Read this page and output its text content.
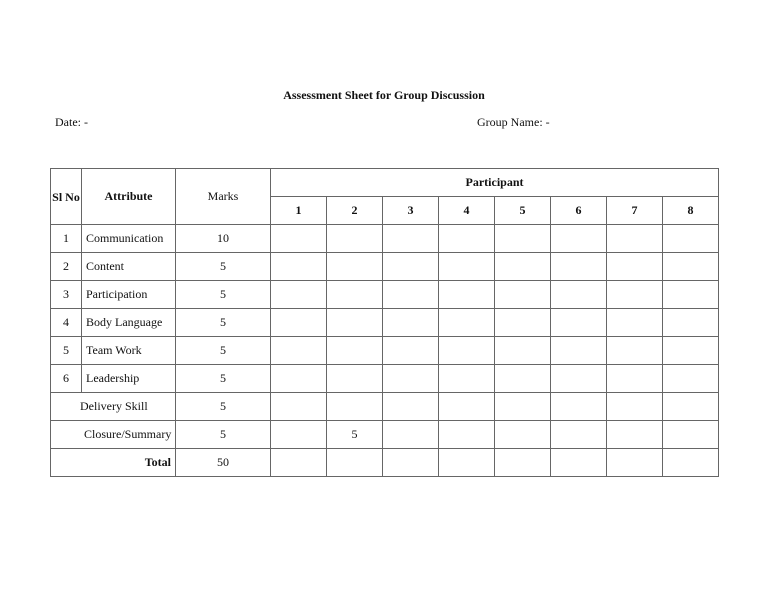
Assessment Sheet for Group Discussion
Date: -	Group Name: -
Sl No	Attribute	Marks	Participant							
			1	2	3	4	5	6	7	8
1	Communication	10								
2	Content	5								
3	Participation	5								
4	Body Language	5								
5	Team Work	5								
6	Leadership	5								
Delivery Skill		5								
Closure/Summary		5		5						
Total		50								
